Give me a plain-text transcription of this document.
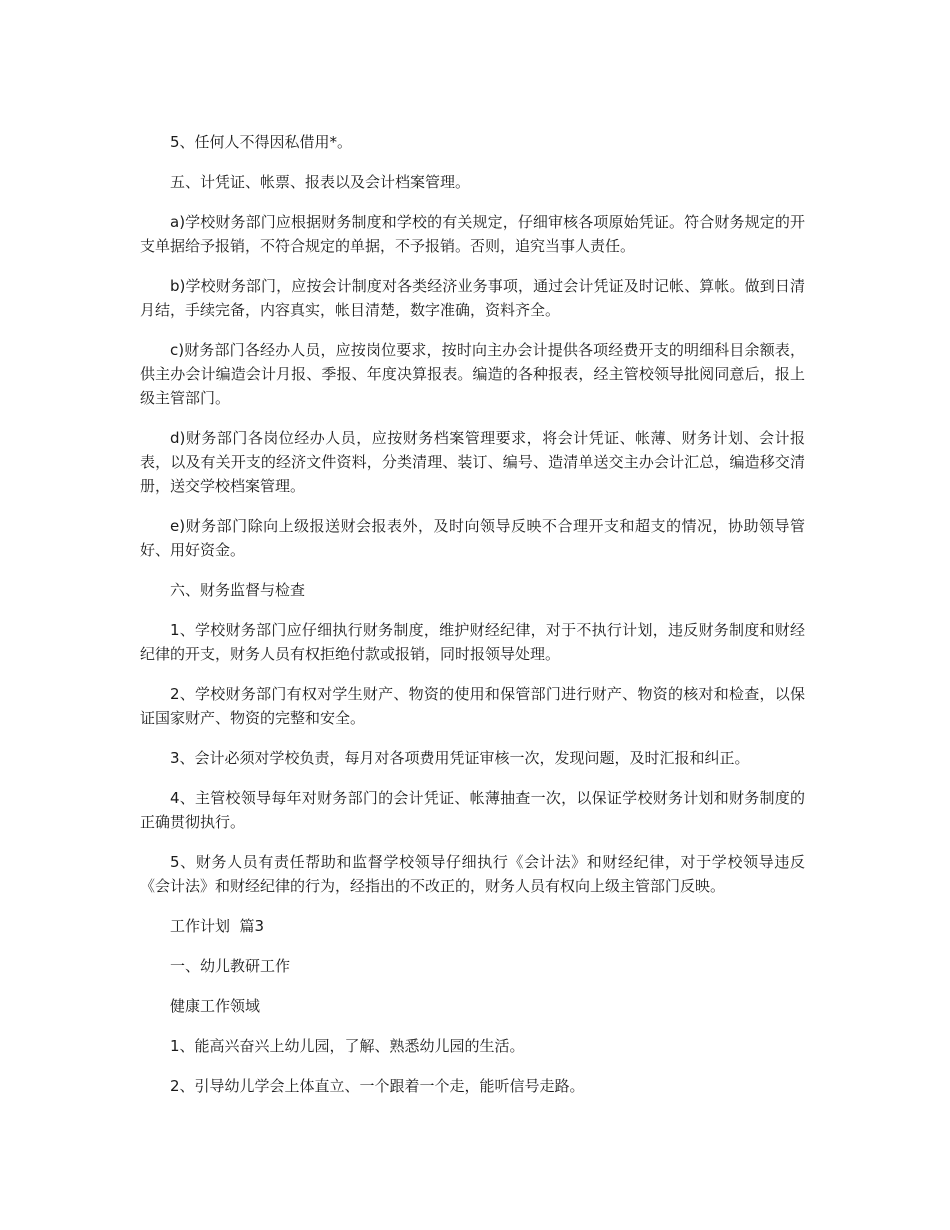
5、任何人不得因私借用*。

五、计凭证、帐票、报表以及会计档案管理。

a)学校财务部门应根据财务制度和学校的有关规定，仔细审核各项原始凭证。符合财务规定的开支单据给予报销，不符合规定的单据，不予报销。否则，追究当事人责任。

b)学校财务部门，应按会计制度对各类经济业务事项，通过会计凭证及时记帐、算帐。做到日清月结，手续完备，内容真实，帐目清楚，数字准确，资料齐全。

c)财务部门各经办人员，应按岗位要求，按时向主办会计提供各项经费开支的明细科目余额表，供主办会计编造会计月报、季报、年度决算报表。编造的各种报表，经主管校领导批阅同意后，报上级主管部门。

d)财务部门各岗位经办人员，应按财务档案管理要求，将会计凭证、帐薄、财务计划、会计报表，以及有关开支的经济文件资料，分类清理、装订、编号、造清单送交主办会计汇总，编造移交清册，送交学校档案管理。

e)财务部门除向上级报送财会报表外，及时向领导反映不合理开支和超支的情况，协助领导管好、用好资金。

六、财务监督与检查

1、学校财务部门应仔细执行财务制度，维护财经纪律，对于不执行计划，违反财务制度和财经纪律的开支，财务人员有权拒绝付款或报销，同时报领导处理。

2、学校财务部门有权对学生财产、物资的使用和保管部门进行财产、物资的核对和检查，以保证国家财产、物资的完整和安全。

3、会计必须对学校负责，每月对各项费用凭证审核一次，发现问题，及时汇报和纠正。

4、主管校领导每年对财务部门的会计凭证、帐薄抽查一次，以保证学校财务计划和财务制度的正确贯彻执行。

5、财务人员有责任帮助和监督学校领导仔细执行《会计法》和财经纪律，对于学校领导违反《会计法》和财经纪律的行为，经指出的不改正的，财务人员有权向上级主管部门反映。

工作计划  篇3

一、幼儿教研工作

健康工作领域

1、能高兴奋兴上幼儿园，了解、熟悉幼儿园的生活。

2、引导幼儿学会上体直立、一个跟着一个走，能听信号走路。
